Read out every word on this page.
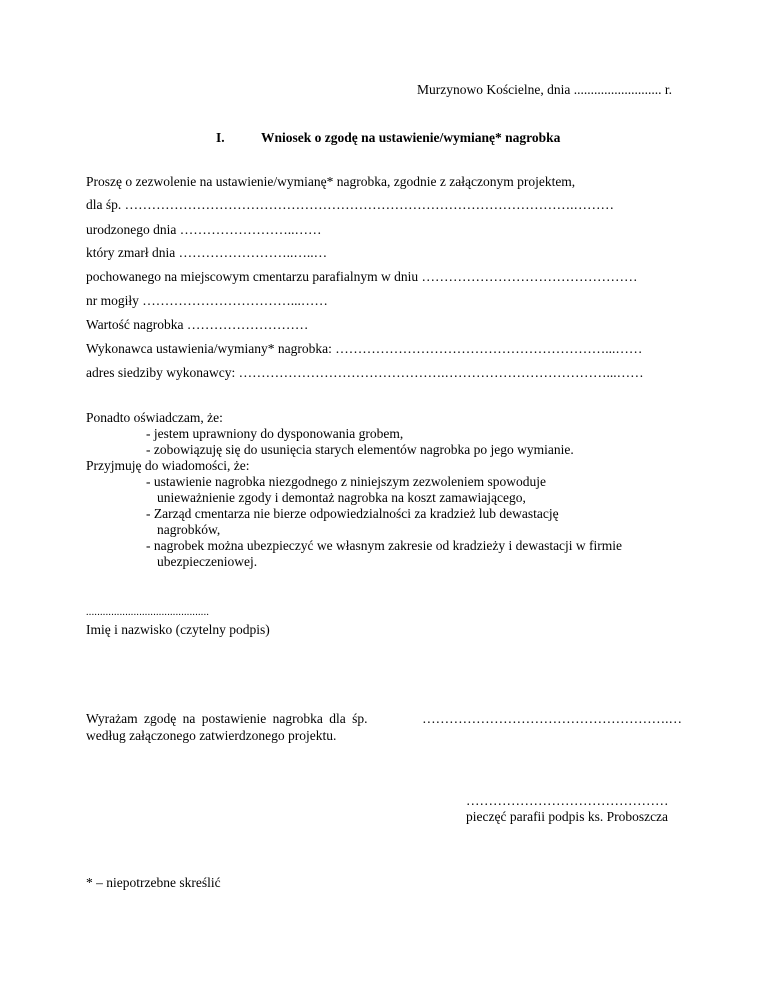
Murzynowo Kościelne, dnia .......................... r.
I.	Wniosek o zgodę na ustawienie/wymianę* nagrobka
Proszę o zezwolenie na ustawienie/wymianę* nagrobka, zgodnie z załączonym projektem,
dla śp. ……………………………………………………………………………………….………
urodzonego dnia ……………………..……
który zmarł dnia ……………………..…..…
pochowanego na miejscowym cmentarzu parafialnym w dniu …………………………………………
nr mogiły ……………………………...……
Wartość nagrobka ………………………
Wykonawca ustawienia/wymiany* nagrobka: ……………………………………………………...……
adres siedziby wykonawcy: ……………………………………….………………………………...……
Ponadto oświadczam, że:
- jestem uprawniony do dysponowania grobem,
- zobowiązuję się do usunięcia starych elementów nagrobka po jego wymianie.
Przyjmuję do wiadomości, że:
- ustawienie nagrobka niezgodnego z niniejszym zezwoleniem spowoduje
unieważnienie zgody i demontaż nagrobka na koszt zamawiającego,
- Zarząd cmentarza nie bierze odpowiedzialności za kradzież lub dewastację
nagrobków,
- nagrobek można ubezpieczyć we własnym zakresie od kradzieży i dewastacji w firmie
ubezpieczeniowej.
............................................
Imię i nazwisko (czytelny podpis)
Wyrażam zgodę na postawienie nagrobka dla śp.	……………………………………………….…
według załączonego zatwierdzonego projektu.
………………………………………
pieczęć parafii podpis ks. Proboszcza
* – niepotrzebne skreślić
